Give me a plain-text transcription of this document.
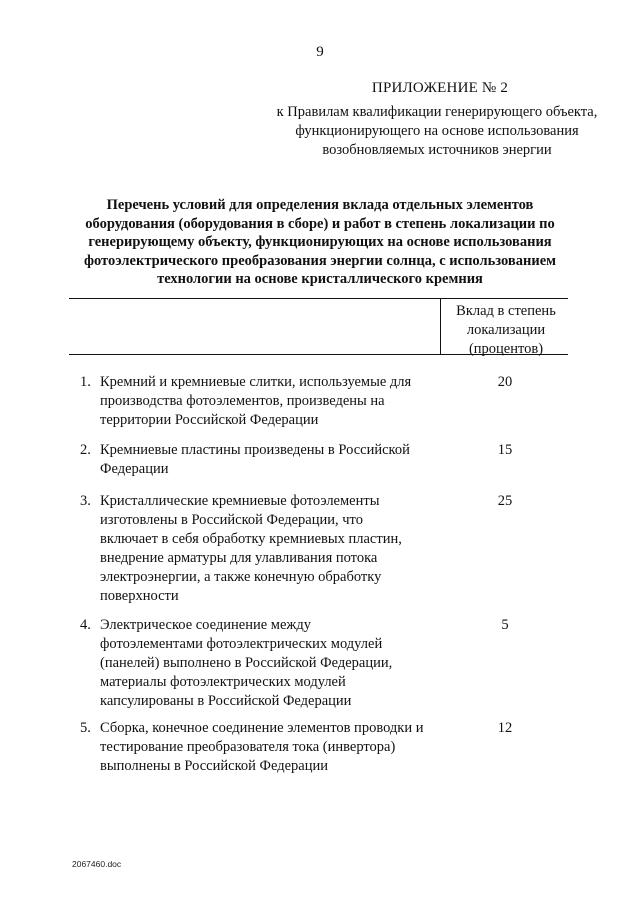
9
ПРИЛОЖЕНИЕ № 2
к Правилам квалификации генерирующего объекта, функционирующего на основе использования возобновляемых источников энергии
Перечень условий для определения вклада отдельных элементов оборудования (оборудования в сборе) и работ в степень локализации по генерирующему объекту, функционирующих на основе использования фотоэлектрического преобразования энергии солнца, с использованием технологии на основе кристаллического кремния
Вклад в степень локализации (процентов)
1. Кремний и кремниевые слитки, используемые для
производства фотоэлементов, произведены на
территории Российской Федерации
20
2. Кремниевые пластины произведены в Российской
Федерации
15
3. Кристаллические кремниевые фотоэлементы
изготовлены в Российской Федерации, что
включает в себя обработку кремниевых пластин,
внедрение арматуры для улавливания потока
электроэнергии, а также конечную обработку
поверхности
25
4. Электрическое соединение между
фотоэлементами фотоэлектрических модулей
(панелей) выполнено в Российской Федерации,
материалы фотоэлектрических модулей
капсулированы в Российской Федерации
5
5. Сборка, конечное соединение элементов проводки и
тестирование преобразователя тока (инвертора)
выполнены в Российской Федерации
12
2067460.doc
